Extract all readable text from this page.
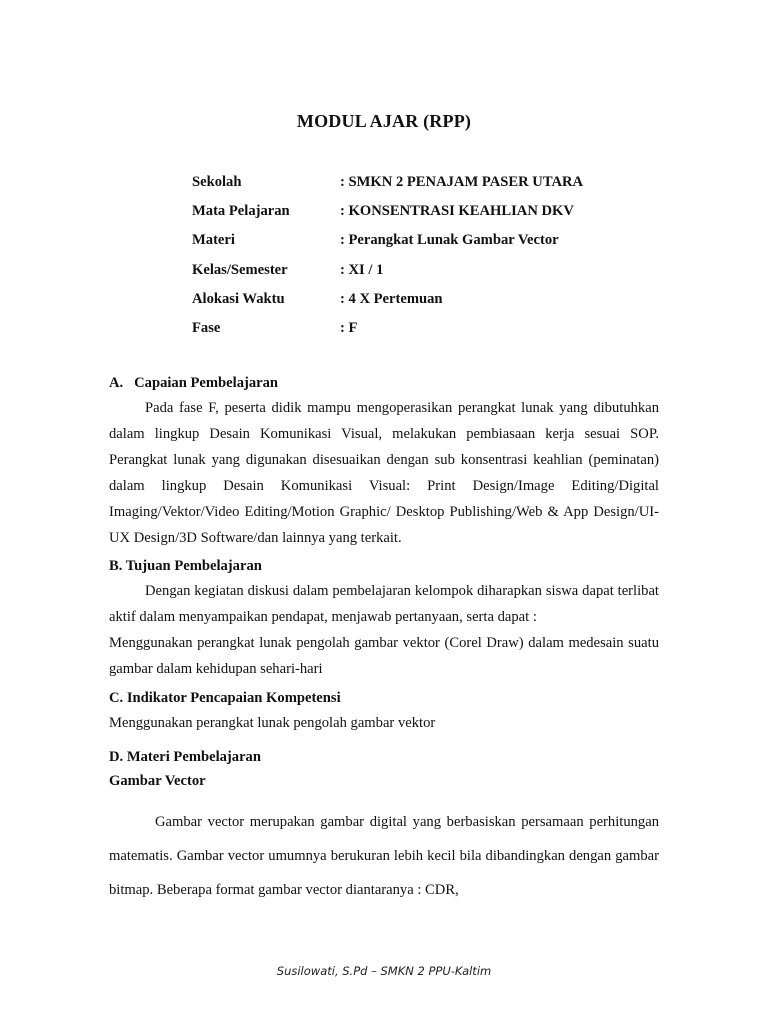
MODUL AJAR (RPP)
Sekolah	: SMKN 2 PENAJAM PASER UTARA
Mata Pelajaran	: KONSENTRASI KEAHLIAN DKV
Materi	: Perangkat Lunak Gambar Vector
Kelas/Semester	: XI / 1
Alokasi Waktu	: 4 X Pertemuan
Fase	: F
A.   Capaian Pembelajaran
Pada fase F, peserta didik mampu mengoperasikan perangkat lunak yang dibutuhkan dalam lingkup Desain Komunikasi Visual, melakukan pembiasaan kerja sesuai SOP. Perangkat lunak yang digunakan disesuaikan dengan sub konsentrasi keahlian (peminatan) dalam lingkup Desain Komunikasi Visual: Print Design/Image Editing/Digital Imaging/Vektor/Video Editing/Motion Graphic/ Desktop Publishing/Web & App Design/UI-UX Design/3D Software/dan lainnya yang terkait.
B. Tujuan Pembelajaran
Dengan kegiatan diskusi dalam pembelajaran kelompok diharapkan siswa dapat terlibat aktif dalam menyampaikan pendapat, menjawab pertanyaan, serta dapat :
Menggunakan perangkat lunak pengolah gambar vektor (Corel Draw) dalam medesain suatu gambar dalam kehidupan sehari-hari
C. Indikator Pencapaian Kompetensi
Menggunakan perangkat lunak pengolah gambar vektor
D. Materi Pembelajaran
Gambar Vector
Gambar vector merupakan gambar digital yang berbasiskan persamaan perhitungan matematis. Gambar vector umumnya berukuran lebih kecil bila dibandingkan dengan gambar bitmap. Beberapa format gambar vector diantaranya : CDR,
Susilowati, S.Pd – SMKN 2 PPU-Kaltim
